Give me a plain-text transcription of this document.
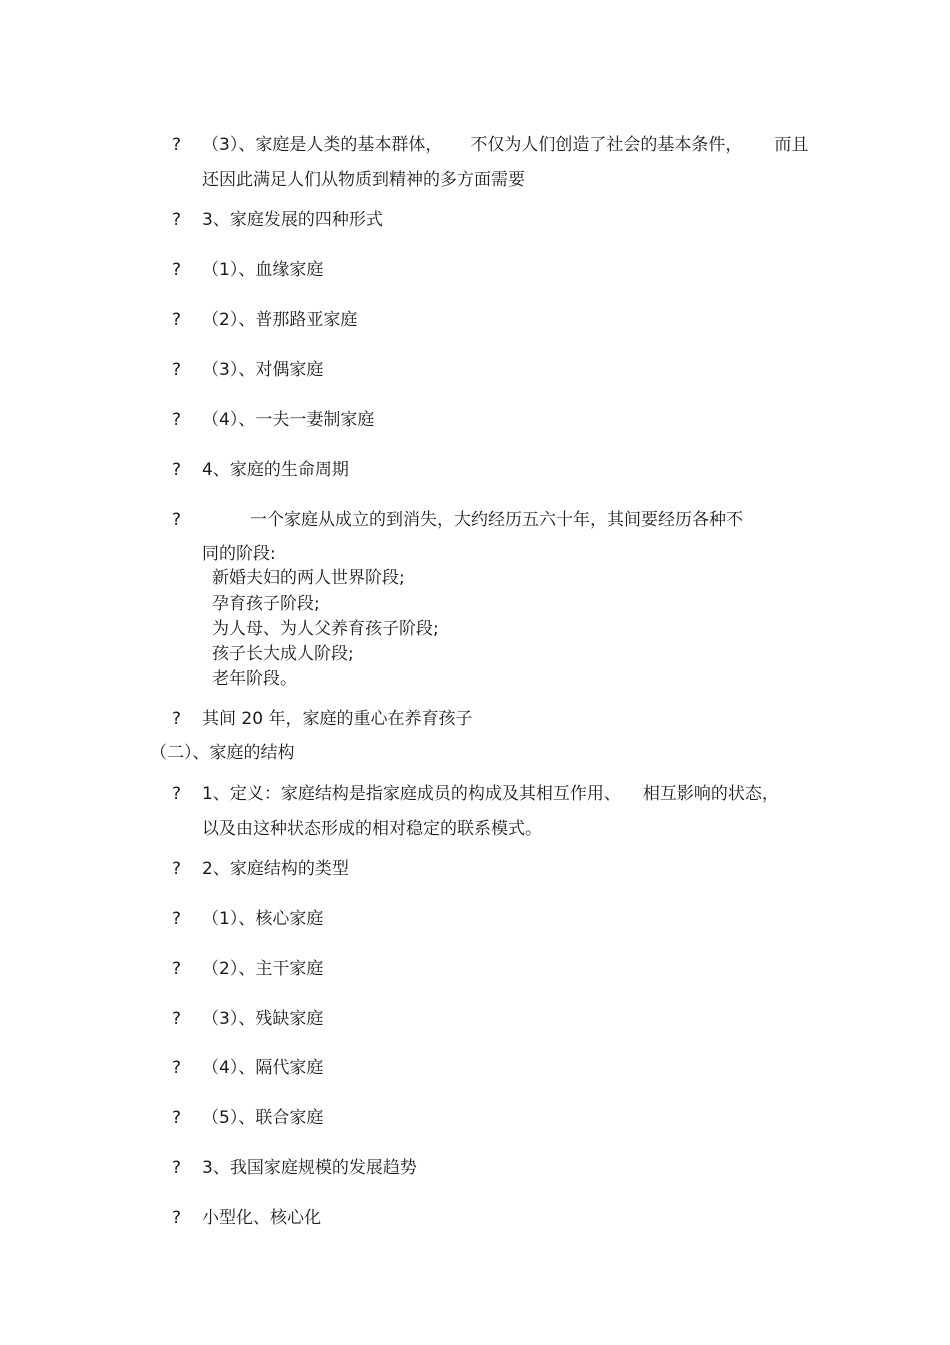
? （3）、家庭是人类的基本群体， 不仅为人们创造了社会的基本条件， 而且
还因此满足人们从物质到精神的多方面需要
? 3、家庭发展的四种形式
? （1）、血缘家庭
? （2）、普那路亚家庭
? （3）、对偶家庭
? （4）、一夫一妻制家庭
? 4、家庭的生命周期
?	一个家庭从成立的到消失，大约经历五六十年，其间要经历各种不
同的阶段:
新婚夫妇的两人世界阶段;
孕育孩子阶段;
为人母、为人父养育孩子阶段;
孩子长大成人阶段;
老年阶段。
? 其间 20 年，家庭的重心在养育孩子
（二）、家庭的结构
? 1、定义：家庭结构是指家庭成员的构成及其相互作用、 相互影响的状态，
以及由这种状态形成的相对稳定的联系模式。
? 2、家庭结构的类型
? （1）、核心家庭
? （2）、主干家庭
? （3）、残缺家庭
? （4）、隔代家庭
? （5）、联合家庭
? 3、我国家庭规模的发展趋势
? 小型化、核心化
